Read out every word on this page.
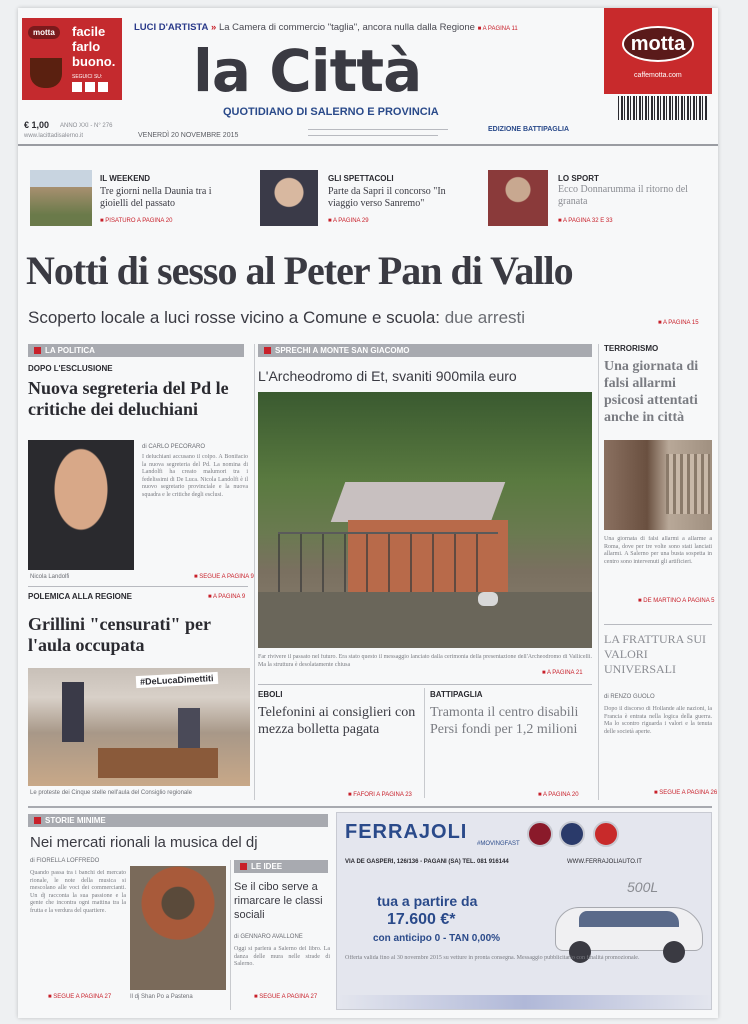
motta	facile
farlo
buono.
SEGUICI SU:
LUCI D'ARTISTA » La Camera di commercio "taglia", ancora nulla dalla Regione ■ A PAGINA 11
la Città
QUOTIDIANO DI SALERNO E PROVINCIA
€ 1,00 ANNO XXI - N° 276
www.lacittadisalerno.it	VENERDÌ 20 NOVEMBRE 2015
EDIZIONE BATTIPAGLIA
motta
caffemotta.com
IL WEEKEND
Tre giorni nella Daunia tra i gioielli del passato
■ PISATURO A PAGINA 20
GLI SPETTACOLI
Parte da Sapri il concorso "In viaggio verso Sanremo"
■ A PAGINA 29
LO SPORT
Ecco Donnarumma il ritorno del granata
■ A PAGINA 32 E 33
Notti di sesso al Peter Pan di Vallo
Scoperto locale a luci rosse vicino a Comune e scuola: due arresti	■ A PAGINA 15
LA POLITICA
DOPO L'ESCLUSIONE
Nuova segreteria del Pd le critiche dei deluchiani
Nicola Landolfi
di CARLO PECORARO
I deluchiani accusano il colpo. A Bonifacio la nuova segreteria del Pd. La nomina di Landolfi ha creato malumori tra i fedelissimi di De Luca. Nicola Landolfi è il nuovo segretario provinciale e la nuova squadra e le critiche degli esclusi.
■ SEGUE A PAGINA 9
POLEMICA ALLA REGIONE	■ A PAGINA 9
Grillini "censurati" per l'aula occupata
#DeLucaDimettiti
Le proteste dei Cinque stelle nell'aula del Consiglio regionale
SPRECHI A MONTE SAN GIACOMO
L'Archeodromo di Et, svaniti 900mila euro
Far rivivere il passato nel futuro. Era stato questo il messaggio lanciato dalla cerimonia della presentazione dell'Archeodromo di Vallicelli. Ma la struttura è desolatamente chiusa
■ A PAGINA 21
EBOLI
Telefonini ai consiglieri con mezza bolletta pagata
■ FAFORI A PAGINA 23
BATTIPAGLIA
Tramonta il centro disabili Persi fondi per 1,2 milioni
■ A PAGINA 20
TERRORISMO
Una giornata di falsi allarmi psicosi attentati anche in città
Una giornata di falsi allarmi a allarme a Roma, dove per tre volte sono stati lanciati allarmi. A Salerno per una busta sospetta in centro sono intervenuti gli artificieri.
■ DE MARTINO A PAGINA 5
LA FRATTURA SUI VALORI UNIVERSALI
di RENZO GUOLO
Dopo il discorso di Hollande alle nazioni, la Francia è entrata nella logica della guerra. Ma lo scontro riguarda i valori e la tenuta delle società aperte.
■ SEGUE A PAGINA 26
STORIE MINIME
Nei mercati rionali la musica del dj
di FIORELLA LOFFREDO
Quando passa tra i banchi del mercato rionale, le note della musica si mescolano alle voci dei commercianti. Un dj racconta la sua passione e la gente che incontra ogni mattina tra la frutta e la verdura del quartiere.
Il dj Shan Po a Pastena
■ SEGUE A PAGINA 27
LE IDEE
Se il cibo serve a rimarcare le classi sociali
di GENNARO AVALLONE
Oggi si parlerà a Salerno del libro. La danza delle mura nelle strade di Salerno.
■ SEGUE A PAGINA 27
FERRAJOLI
#MOVINGFAST
VIA DE GASPERI, 126/136 - PAGANI (SA) TEL. 081 916144	WWW.FERRAJOLIAUTO.IT
500L
tua a partire da
17.600 €*
con anticipo 0 - TAN 0,00%
Offerta valida fino al 30 novembre 2015 su vetture in pronta consegna. Messaggio pubblicitario con finalità promozionale.
